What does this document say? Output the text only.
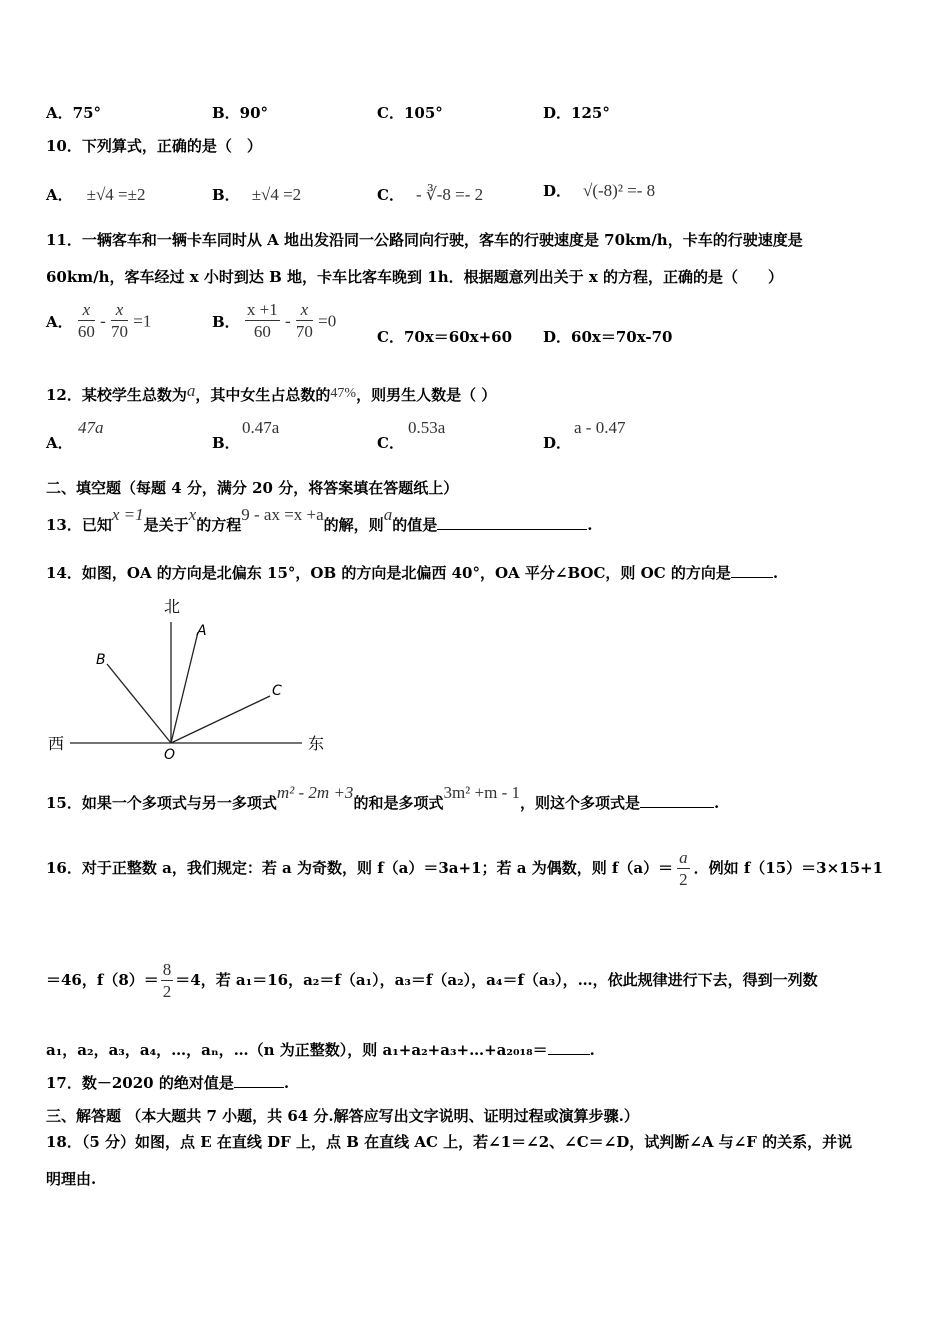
A．75°	B．90°	C．105°	D．125°
10．下列算式，正确的是（　）
A． ±√4 =±2	B． ±√4 =2	C． - ∛-8 =- 2	D． √(-8)² =- 8
11．一辆客车和一辆卡车同时从 A 地出发沿同一公路同向行驶，客车的行驶速度是 70km/h，卡车的行驶速度是
60km/h，客车经过 x 小时到达 B 地，卡车比客车晚到 1h．根据题意列出关于 x 的方程，正确的是（　　）
A． $\frac{x}{60} - \frac{x}{70} =1$	B． $\frac{x +1}{60} - \frac{x}{70} =0$
C．70x＝60x+60 D．60x＝70x-70
12．某校学生总数为a，其中女生占总数的47%，则男生人数是（ ）
A．
47a
B．
0.47a
C．
0.53a
D．
a - 0.47
二、填空题（每题 4 分，满分 20 分，将答案填在答题纸上）
13．已知x =1是关于x的方程9 - ax =x +a的解，则a的值是	.
14．如图，OA 的方向是北偏东 15°，OB 的方向是北偏西 40°，OA 平分∠BOC，则 OC 的方向是	.
北
西	东
O
A
B
C
15．如果一个多项式与另一多项式m² - 2m +3的和是多项式3m² +m - 1，则这个多项式是	.
16．对于正整数 a，我们规定：若 a 为奇数，则 f（a）＝3a+1；若 a 为偶数，则 $f(a)= \frac{a}{2}$ ．例如 f（15）＝3×15+1
＝46，$f(8)= \frac{8}{2} =4$，若 a₁＝16，a₂＝f（a₁），a₃＝f（a₂），a₄＝f（a₃），…，依此规律进行下去，得到一列数
a₁，a₂，a₃，a₄，…，aₙ，…（n 为正整数），则 a₁+a₂+a₃+…+a₂₀₁₈＝	.
17．数－2020 的绝对值是	.
三、解答题 （本大题共 7 小题，共 64 分.解答应写出文字说明、证明过程或演算步骤.）
18．（5 分）如图，点 E 在直线 DF 上，点 B 在直线 AC 上，若∠1＝∠2、∠C＝∠D，试判断∠A 与∠F 的关系，并说
明理由.
